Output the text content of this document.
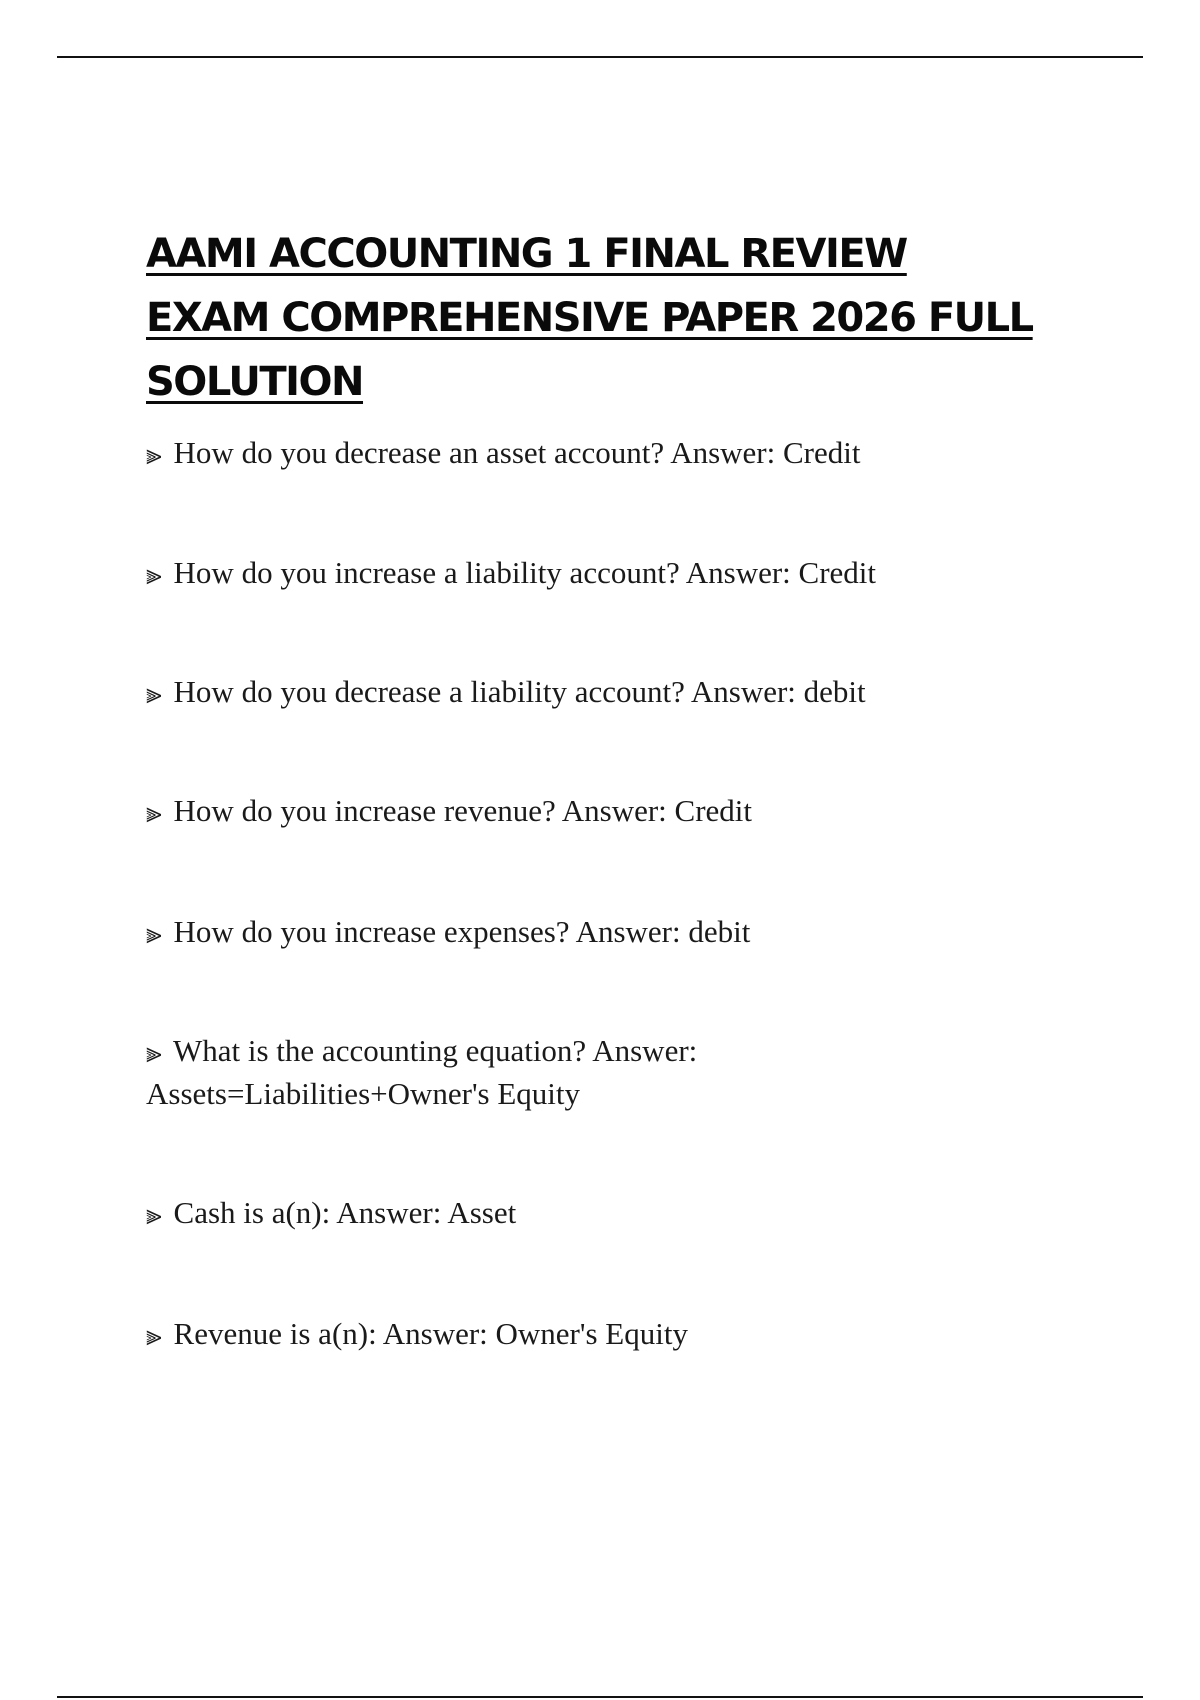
AAMI ACCOUNTING 1 FINAL REVIEW
EXAM COMPREHENSIVE PAPER 2026 FULL
SOLUTION
⫸ How do you decrease an asset account? Answer: Credit
⫸ How do you increase a liability account? Answer: Credit
⫸ How do you decrease a liability account? Answer: debit
⫸ How do you increase revenue? Answer: Credit
⫸ How do you increase expenses? Answer: debit
⫸ What is the accounting equation? Answer: Assets=Liabilities+Owner's Equity
⫸ Cash is a(n): Answer: Asset
⫸ Revenue is a(n): Answer: Owner's Equity
